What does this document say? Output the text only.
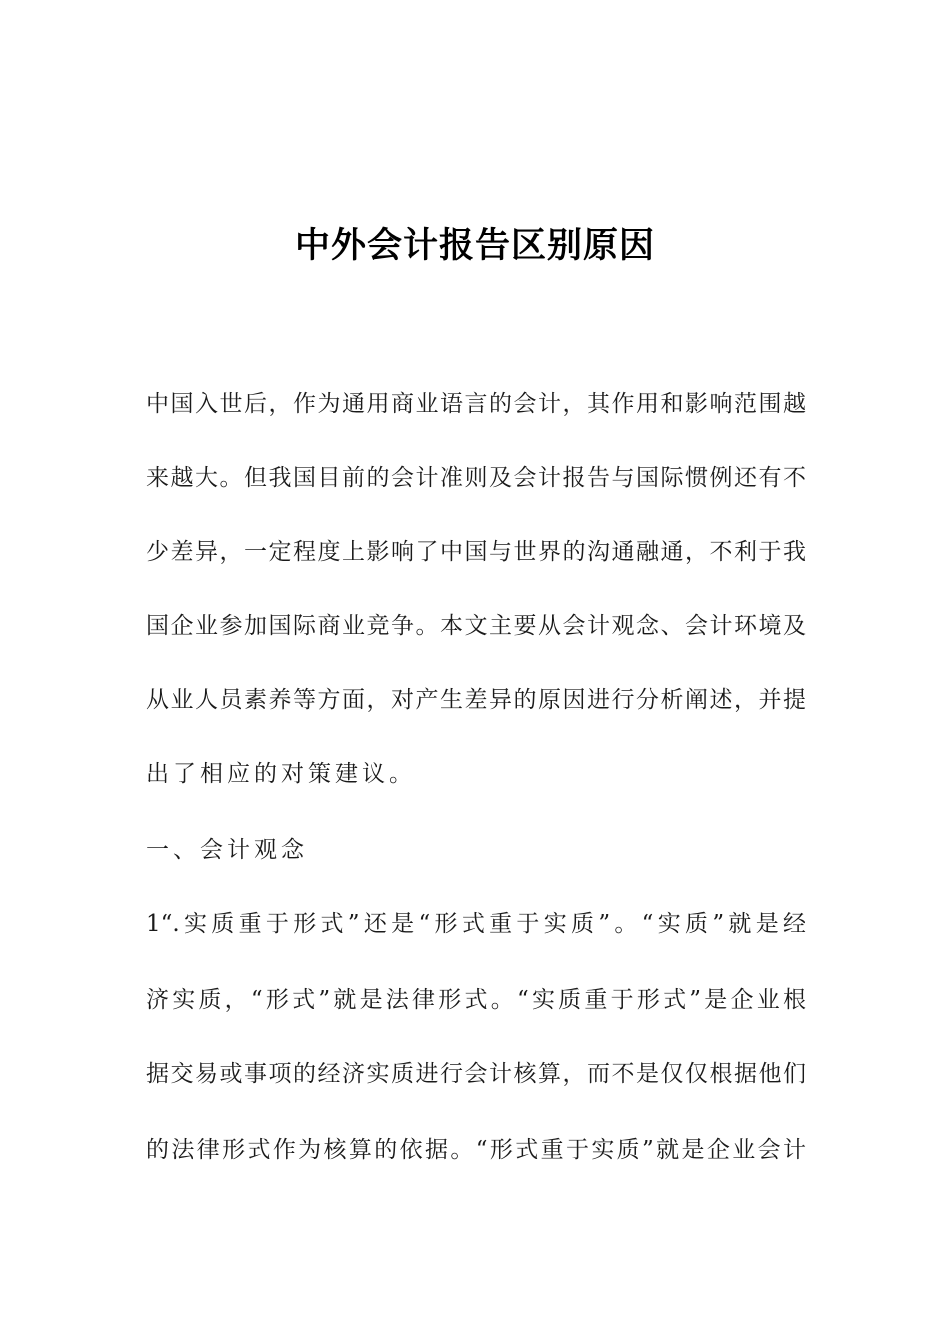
中外会计报告区别原因
中国入世后，作为通用商业语言的会计，其作用和影响范围越
来越大。但我国目前的会计准则及会计报告与国际惯例还有不
少差异，一定程度上影响了中国与世界的沟通融通，不利于我
国企业参加国际商业竞争。本文主要从会计观念、会计环境及
从业人员素养等方面，对产生差异的原因进行分析阐述，并提
出了相应的对策建议。
一、会计观念
1“.实质重于形式”还是“形式重于实质”。“实质”就是经
济实质，“形式”就是法律形式。“实质重于形式”是企业根
据交易或事项的经济实质进行会计核算，而不是仅仅根据他们
的法律形式作为核算的依据。“形式重于实质”就是企业会计
